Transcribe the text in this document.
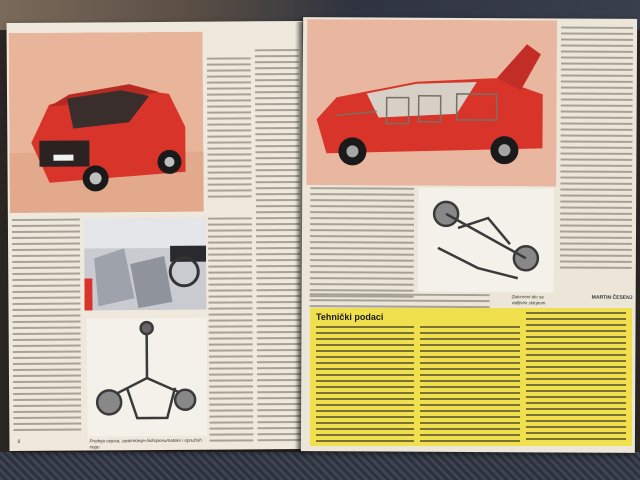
Prednja ovjesa, zaokretanje-hidropneumatske i opružnih nogu
8
MARTIN ČESENJ
Zatvoreni dio sa vidljivim sklopom
Tehnički podaci
